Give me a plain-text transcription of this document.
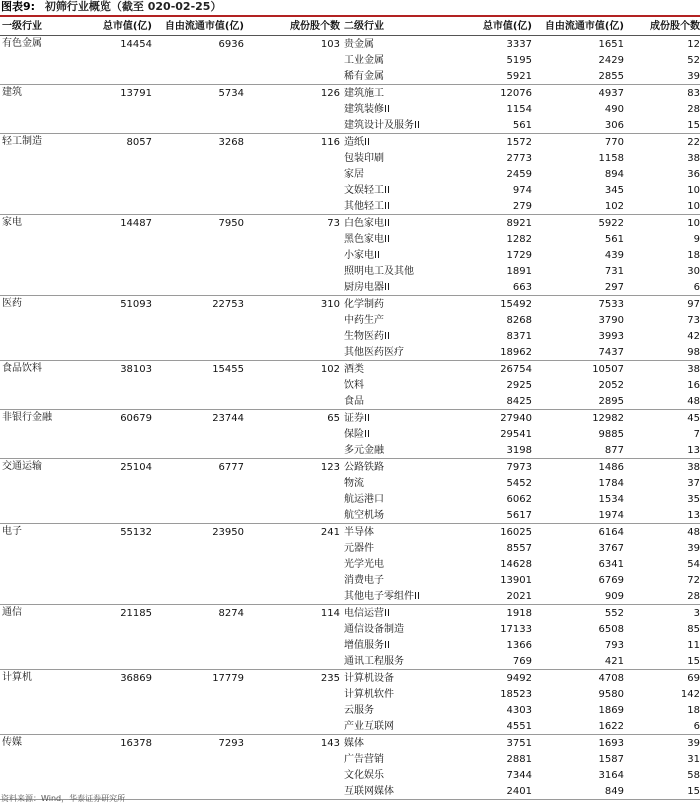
图表9: 初筛行业概览（截至 020-02-25）
一级行业	总市值(亿)	自由流通市值(亿)	成份股个数	二级行业	总市值(亿)	自由流通市值(亿)	成份股个数
有色金属	14454	6936	103	贵金属	3337	1651	12
				工业金属	5195	2429	52
				稀有金属	5921	2855	39
建筑	13791	5734	126	建筑施工	12076	4937	83
				建筑装修II	1154	490	28
				建筑设计及服务II	561	306	15
轻工制造	8057	3268	116	造纸II	1572	770	22
				包装印刷	2773	1158	38
				家居	2459	894	36
				文娱轻工II	974	345	10
				其他轻工II	279	102	10
家电	14487	7950	73	白色家电II	8921	5922	10
				黑色家电II	1282	561	9
				小家电II	1729	439	18
				照明电工及其他	1891	731	30
				厨房电器II	663	297	6
医药	51093	22753	310	化学制药	15492	7533	97
				中药生产	8268	3790	73
				生物医药II	8371	3993	42
				其他医药医疗	18962	7437	98
食品饮料	38103	15455	102	酒类	26754	10507	38
				饮料	2925	2052	16
				食品	8425	2895	48
非银行金融	60679	23744	65	证券II	27940	12982	45
				保险II	29541	9885	7
				多元金融	3198	877	13
交通运输	25104	6777	123	公路铁路	7973	1486	38
				物流	5452	1784	37
				航运港口	6062	1534	35
				航空机场	5617	1974	13
电子	55132	23950	241	半导体	16025	6164	48
				元器件	8557	3767	39
				光学光电	14628	6341	54
				消费电子	13901	6769	72
				其他电子零组件II	2021	909	28
通信	21185	8274	114	电信运营II	1918	552	3
				通信设备制造	17133	6508	85
				增值服务II	1366	793	11
				通讯工程服务	769	421	15
计算机	36869	17779	235	计算机设备	9492	4708	69
				计算机软件	18523	9580	142
				云服务	4303	1869	18
				产业互联网	4551	1622	6
传媒	16378	7293	143	媒体	3751	1693	39
				广告营销	2881	1587	31
				文化娱乐	7344	3164	58
				互联网媒体	2401	849	15
资料来源：Wind，华泰证券研究所
